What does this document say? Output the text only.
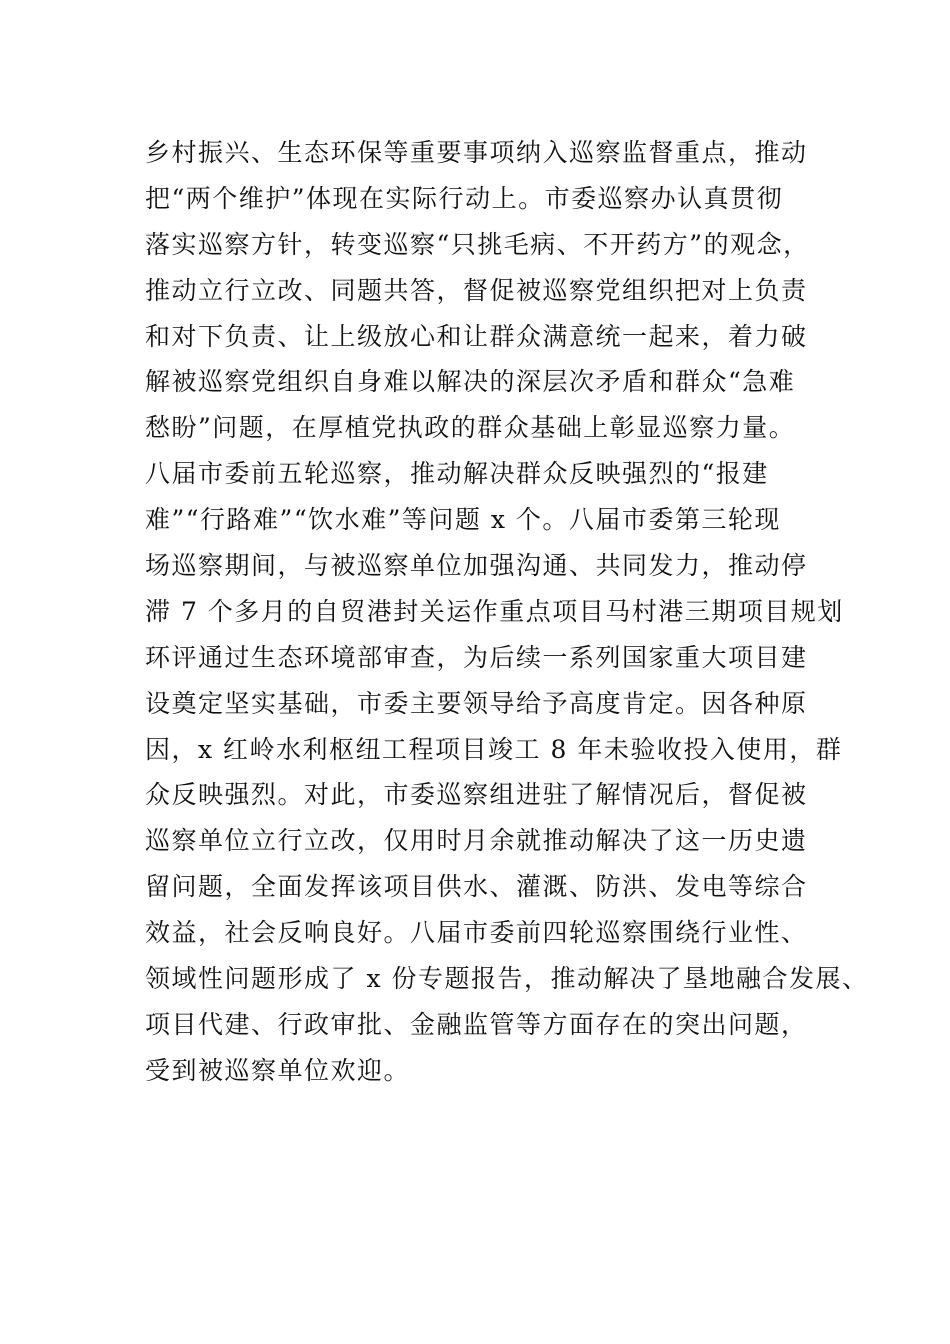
乡村振兴、生态环保等重要事项纳入巡察监督重点，推动
把“两个维护”体现在实际行动上。市委巡察办认真贯彻
落实巡察方针，转变巡察“只挑毛病、不开药方”的观念，
推动立行立改、同题共答，督促被巡察党组织把对上负责
和对下负责、让上级放心和让群众满意统一起来，着力破
解被巡察党组织自身难以解决的深层次矛盾和群众“急难
愁盼”问题，在厚植党执政的群众基础上彰显巡察力量。
八届市委前五轮巡察，推动解决群众反映强烈的“报建
难”“行路难”“饮水难”等问题 x 个。八届市委第三轮现
场巡察期间，与被巡察单位加强沟通、共同发力，推动停
滞 7 个多月的自贸港封关运作重点项目马村港三期项目规划
环评通过生态环境部审查，为后续一系列国家重大项目建
设奠定坚实基础，市委主要领导给予高度肯定。因各种原
因，x 红岭水利枢纽工程项目竣工 8 年未验收投入使用，群
众反映强烈。对此，市委巡察组进驻了解情况后，督促被
巡察单位立行立改，仅用时月余就推动解决了这一历史遗
留问题，全面发挥该项目供水、灌溉、防洪、发电等综合
效益，社会反响良好。八届市委前四轮巡察围绕行业性、
领域性问题形成了 x 份专题报告，推动解决了垦地融合发展、
项目代建、行政审批、金融监管等方面存在的突出问题，
受到被巡察单位欢迎。
